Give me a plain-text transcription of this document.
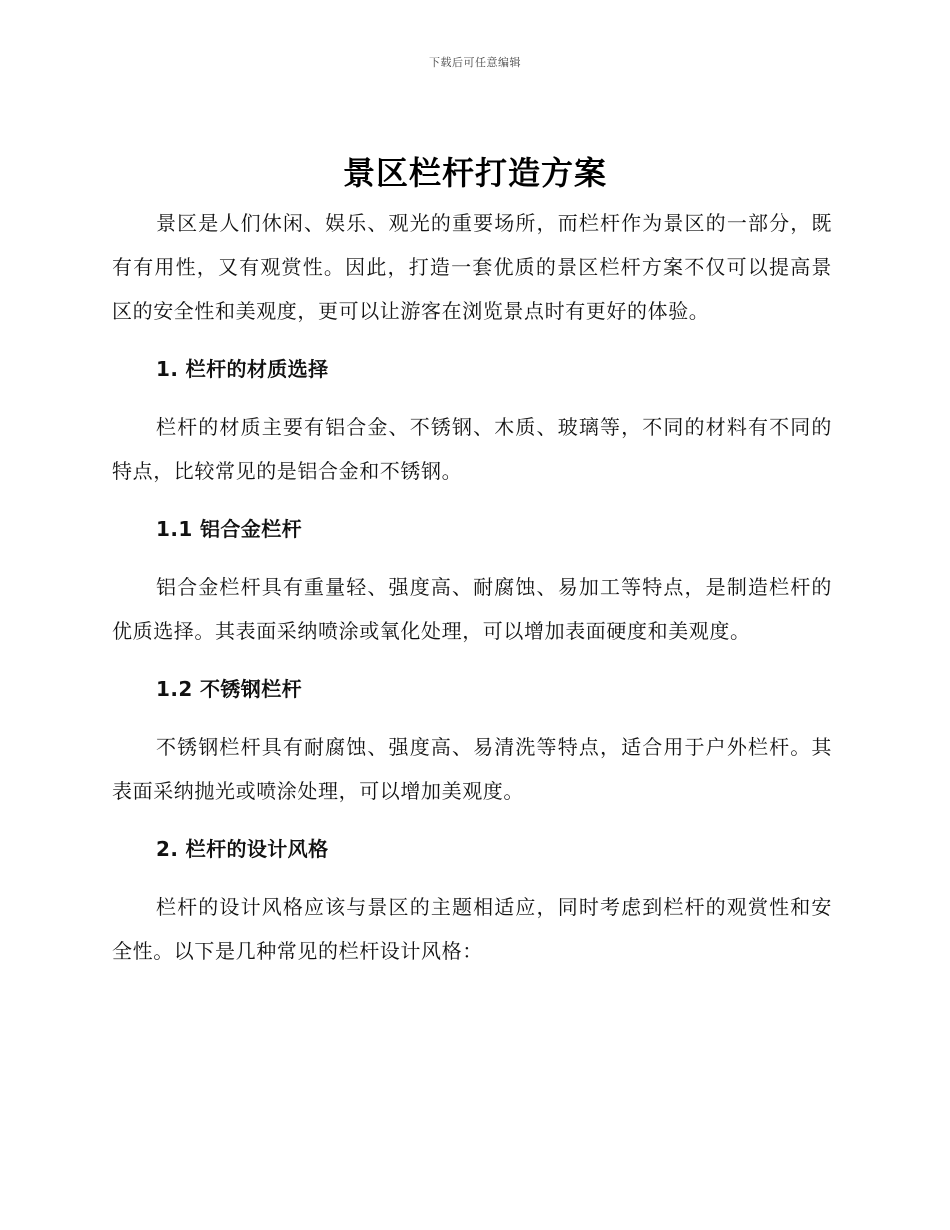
下载后可任意编辑
景区栏杆打造方案

景区是人们休闲、娱乐、观光的重要场所，而栏杆作为景区的一部分，既有有用性，又有观赏性。因此，打造一套优质的景区栏杆方案不仅可以提高景区的安全性和美观度，更可以让游客在浏览景点时有更好的体验。

1. 栏杆的材质选择

栏杆的材质主要有铝合金、不锈钢、木质、玻璃等，不同的材料有不同的特点，比较常见的是铝合金和不锈钢。

1.1 铝合金栏杆

铝合金栏杆具有重量轻、强度高、耐腐蚀、易加工等特点，是制造栏杆的优质选择。其表面采纳喷涂或氧化处理，可以增加表面硬度和美观度。

1.2 不锈钢栏杆

不锈钢栏杆具有耐腐蚀、强度高、易清洗等特点，适合用于户外栏杆。其表面采纳抛光或喷涂处理，可以增加美观度。

2. 栏杆的设计风格

栏杆的设计风格应该与景区的主题相适应，同时考虑到栏杆的观赏性和安全性。以下是几种常见的栏杆设计风格：
